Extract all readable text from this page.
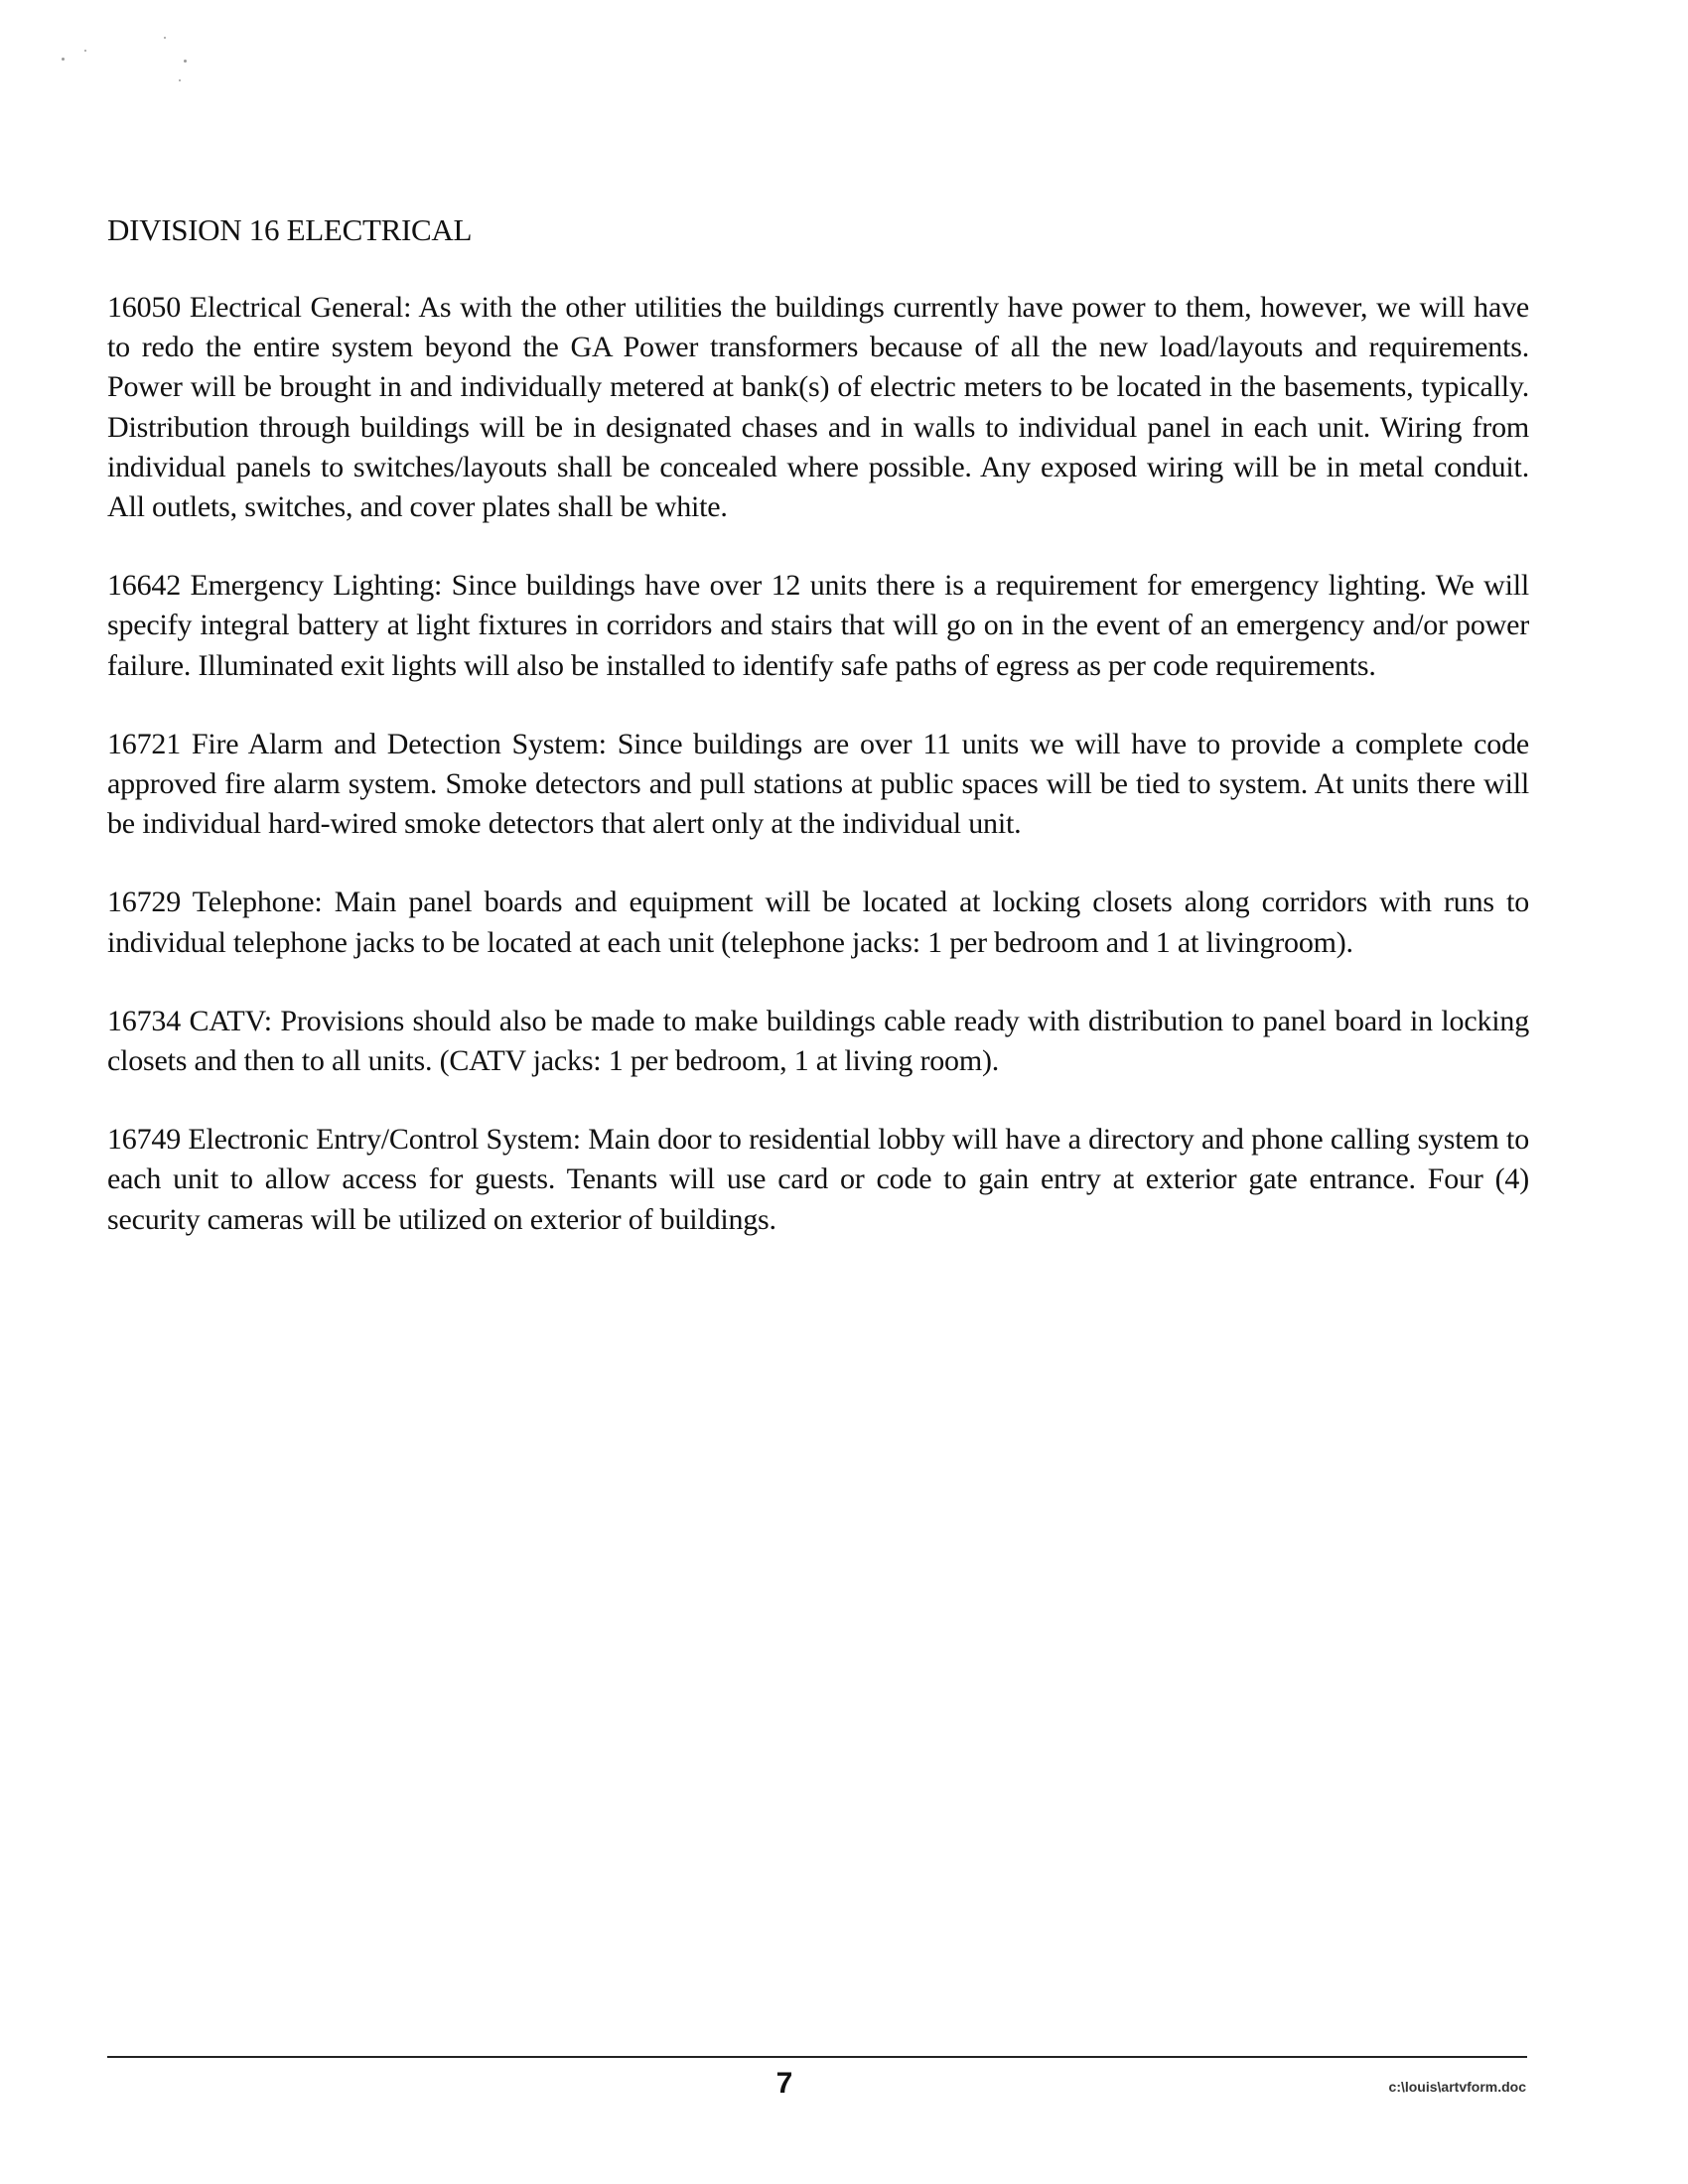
DIVISION 16 ELECTRICAL

16050 Electrical General: As with the other utilities the buildings currently have power to them, however, we will have to redo the entire system beyond the GA Power transformers because of all the new load/layouts and requirements. Power will be brought in and individually metered at bank(s) of electric meters to be located in the basements, typically. Distribution through buildings will be in designated chases and in walls to individual panel in each unit. Wiring from individual panels to switches/layouts shall be concealed where possible. Any exposed wiring will be in metal conduit. All outlets, switches, and cover plates shall be white.

16642 Emergency Lighting: Since buildings have over 12 units there is a requirement for emergency lighting. We will specify integral battery at light fixtures in corridors and stairs that will go on in the event of an emergency and/or power failure. Illuminated exit lights will also be installed to identify safe paths of egress as per code requirements.

16721 Fire Alarm and Detection System: Since buildings are over 11 units we will have to provide a complete code approved fire alarm system. Smoke detectors and pull stations at public spaces will be tied to system. At units there will be individual hard-wired smoke detectors that alert only at the individual unit.

16729 Telephone: Main panel boards and equipment will be located at locking closets along corridors with runs to individual telephone jacks to be located at each unit (telephone jacks: 1 per bedroom and 1 at livingroom).

16734 CATV: Provisions should also be made to make buildings cable ready with distribution to panel board in locking closets and then to all units. (CATV jacks: 1 per bedroom, 1 at living room).

16749 Electronic Entry/Control System: Main door to residential lobby will have a directory and phone calling system to each unit to allow access for guests. Tenants will use card or code to gain entry at exterior gate entrance. Four (4) security cameras will be utilized on exterior of buildings.

7	c:\louis\artvform.doc
